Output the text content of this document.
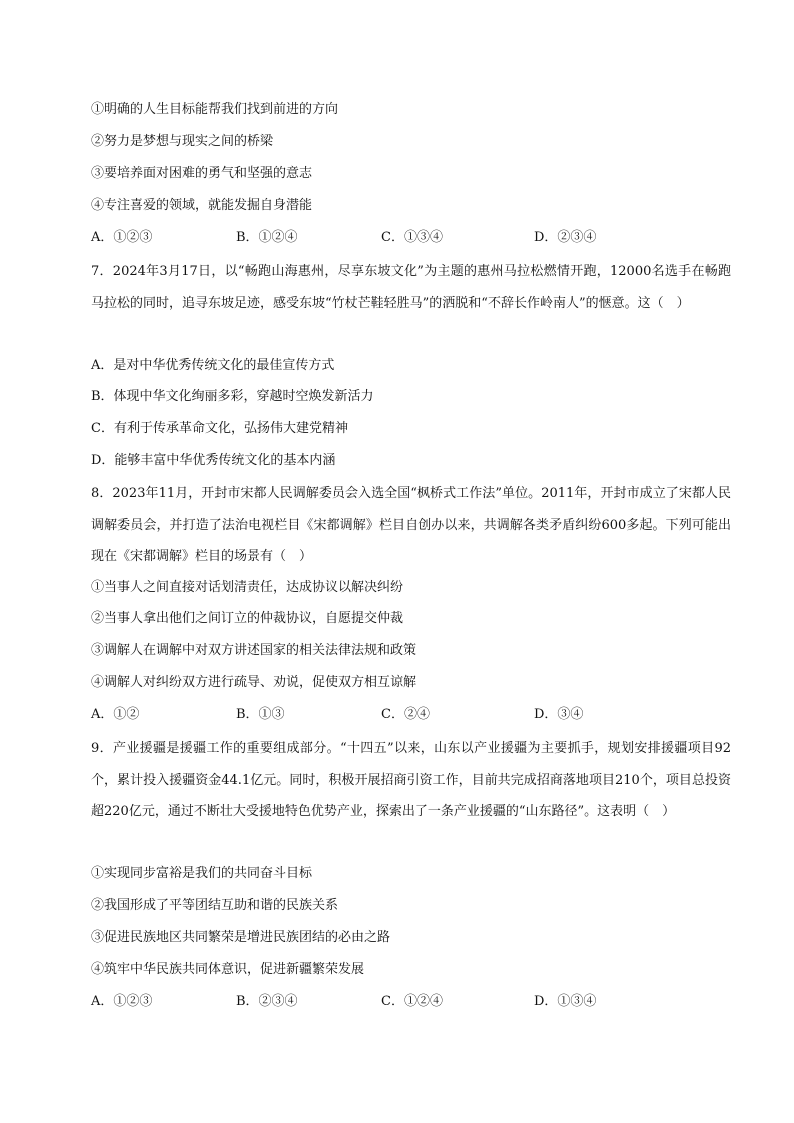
①明确的人生目标能帮我们找到前进的方向
②努力是梦想与现实之间的桥梁
③要培养面对困难的勇气和坚强的意志
④专注喜爱的领域，就能发掘自身潜能
A．①②③	B．①②④	C．①③④	D．②③④
7．2024年3月17日，以“畅跑山海惠州，尽享东坡文化”为主题的惠州马拉松燃情开跑，12000名选手在畅跑马拉松的同时，追寻东坡足迹，感受东坡“竹杖芒鞋轻胜马”的洒脱和“不辞长作岭南人”的惬意。这（　）
A．是对中华优秀传统文化的最佳宣传方式
B．体现中华文化绚丽多彩，穿越时空焕发新活力
C．有利于传承革命文化，弘扬伟大建党精神
D．能够丰富中华优秀传统文化的基本内涵
8．2023年11月，开封市宋都人民调解委员会入选全国“枫桥式工作法”单位。2011年，开封市成立了宋都人民调解委员会，并打造了法治电视栏目《宋都调解》栏目自创办以来，共调解各类矛盾纠纷600多起。下列可能出现在《宋都调解》栏目的场景有（　）
①当事人之间直接对话划清责任，达成协议以解决纠纷
②当事人拿出他们之间订立的仲裁协议，自愿提交仲裁
③调解人在调解中对双方讲述国家的相关法律法规和政策
④调解人对纠纷双方进行疏导、劝说，促使双方相互谅解
A．①②	B．①③	C．②④	D．③④
9．产业援疆是援疆工作的重要组成部分。“十四五”以来，山东以产业援疆为主要抓手，规划安排援疆项目92个，累计投入援疆资金44.1亿元。同时，积极开展招商引资工作，目前共完成招商落地项目210个，项目总投资超220亿元，通过不断壮大受援地特色优势产业，探索出了一条产业援疆的“山东路径”。这表明（　）
①实现同步富裕是我们的共同奋斗目标
②我国形成了平等团结互助和谐的民族关系
③促进民族地区共同繁荣是增进民族团结的必由之路
④筑牢中华民族共同体意识，促进新疆繁荣发展
A．①②③	B．②③④	C．①②④	D．①③④
